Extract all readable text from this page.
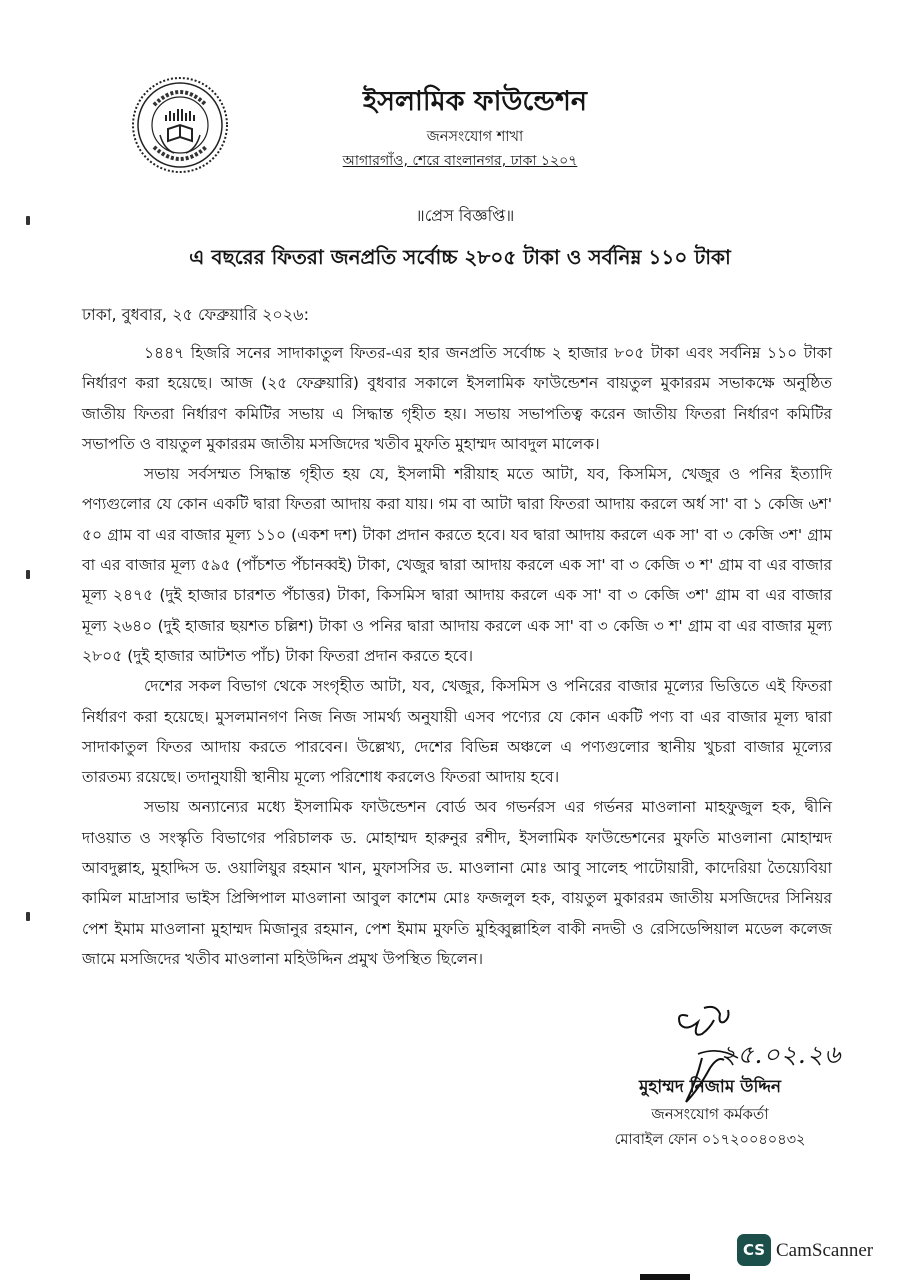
ইসলামিক ফাউন্ডেশন
জনসংযোগ শাখা
আগারগাঁও, শেরে বাংলানগর, ঢাকা ১২০৭
॥প্রেস বিজ্ঞপ্তি॥
এ বছরের ফিতরা জনপ্রতি সর্বোচ্চ ২৮০৫ টাকা ও সর্বনিম্ন ১১০ টাকা
ঢাকা, বুধবার, ২৫ ফেব্রুয়ারি ২০২৬:

১৪৪৭ হিজরি সনের সাদাকাতুল ফিতর-এর হার জনপ্রতি সর্বোচ্চ ২ হাজার ৮০৫ টাকা এবং সর্বনিম্ন ১১০ টাকা নির্ধারণ করা হয়েছে। আজ (২৫ ফেব্রুয়ারি) বুধবার সকালে ইসলামিক ফাউন্ডেশন বায়তুল মুকাররম সভাকক্ষে অনুষ্ঠিত জাতীয় ফিতরা নির্ধারণ কমিটির সভায় এ সিদ্ধান্ত গৃহীত হয়। সভায় সভাপতিত্ব করেন জাতীয় ফিতরা নির্ধারণ কমিটির সভাপতি ও বায়তুল মুকাররম জাতীয় মসজিদের খতীব মুফতি মুহাম্মদ আবদুল মালেক।

সভায় সর্বসম্মত সিদ্ধান্ত গৃহীত হয় যে, ইসলামী শরীয়াহ মতে আটা, যব, কিসমিস, খেজুর ও পনির ইত্যাদি পণ্যগুলোর যে কোন একটি দ্বারা ফিতরা আদায় করা যায়। গম বা আটা দ্বারা ফিতরা আদায় করলে অর্ধ সা' বা ১ কেজি ৬শ' ৫০ গ্রাম বা এর বাজার মূল্য ১১০ (একশ দশ) টাকা প্রদান করতে হবে। যব দ্বারা আদায় করলে এক সা' বা ৩ কেজি ৩শ' গ্রাম বা এর বাজার মূল্য ৫৯৫ (পাঁচশত পঁচানব্বই) টাকা, খেজুর দ্বারা আদায় করলে এক সা' বা ৩ কেজি ৩ শ' গ্রাম বা এর বাজার মূল্য ২৪৭৫ (দুই হাজার চারশত পঁচাত্তর) টাকা, কিসমিস দ্বারা আদায় করলে এক সা' বা ৩ কেজি ৩শ' গ্রাম বা এর বাজার মূল্য ২৬৪০ (দুই হাজার ছয়শত চল্লিশ) টাকা ও পনির দ্বারা আদায় করলে এক সা' বা ৩ কেজি ৩ শ' গ্রাম বা এর বাজার মূল্য ২৮০৫ (দুই হাজার আটশত পাঁচ) টাকা ফিতরা প্রদান করতে হবে।

দেশের সকল বিভাগ থেকে সংগৃহীত আটা, যব, খেজুর, কিসমিস ও পনিরের বাজার মূল্যের ভিত্তিতে এই ফিতরা নির্ধারণ করা হয়েছে। মুসলমানগণ নিজ নিজ সামর্থ্য অনুযায়ী এসব পণ্যের যে কোন একটি পণ্য বা এর বাজার মূল্য দ্বারা সাদাকাতুল ফিতর আদায় করতে পারবেন। উল্লেখ্য, দেশের বিভিন্ন অঞ্চলে এ পণ্যগুলোর স্থানীয় খুচরা বাজার মূল্যের তারতম্য রয়েছে। তদানুযায়ী স্থানীয় মূল্যে পরিশোধ করলেও ফিতরা আদায় হবে।

সভায় অন্যান্যের মধ্যে ইসলামিক ফাউন্ডেশন বোর্ড অব গভর্নরস এর গর্ভনর মাওলানা মাহফুজুল হক, দ্বীনি দাওয়াত ও সংস্কৃতি বিভাগের পরিচালক ড. মোহাম্মদ হারুনুর রশীদ, ইসলামিক ফাউন্ডেশনের মুফতি মাওলানা মোহাম্মদ আবদুল্লাহ, মুহাদ্দিস ড. ওয়ালিয়ুর রহমান খান, মুফাসসির ড. মাওলানা মোঃ আবু সালেহ পাটোয়ারী, কাদেরিয়া তৈয়্যেবিয়া কামিল মাদ্রাসার ভাইস প্রিন্সিপাল মাওলানা আবুল কাশেম মোঃ ফজলুল হক, বায়তুল মুকাররম জাতীয় মসজিদের সিনিয়র পেশ ইমাম মাওলানা মুহাম্মদ মিজানুর রহমান, পেশ ইমাম মুফতি মুহিব্বুল্লাহিল বাকী নদভী ও রেসিডেন্সিয়াল মডেল কলেজ জামে মসজিদের খতীব মাওলানা মহিউদ্দিন প্রমুখ উপস্থিত ছিলেন।

২৫.০২.২৬
মুহাম্মদ নিজাম উদ্দিন
জনসংযোগ কর্মকর্তা
মোবাইল ফোন ০১৭২০০৪০৪৩২
CS CamScanner
